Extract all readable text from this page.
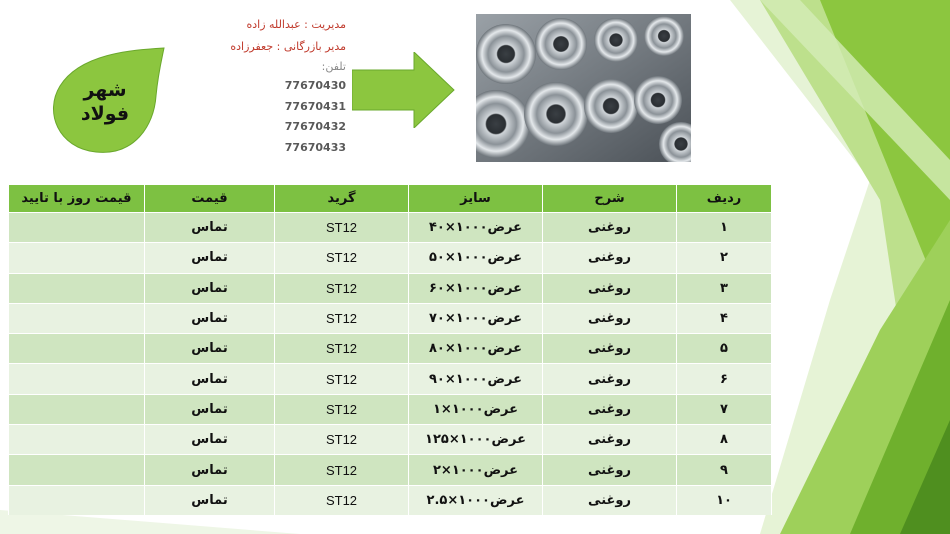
شهر
فولاد
مدیریت : عبدالله زاده
مدیر بازرگانی : جعفرزاده
تلفن:
77670430
77670431
77670432
77670433
ردیف	شرح	سایز	گرید	قیمت	قیمت روز با تایید
۱	روغنی	عرض۱۰۰۰×۴۰	ST12	تماس	
۲	روغنی	عرض۱۰۰۰×۵۰	ST12	تماس	
۳	روغنی	عرض۱۰۰۰×۶۰	ST12	تماس	
۴	روغنی	عرض۱۰۰۰×۷۰	ST12	تماس	
۵	روغنی	عرض۱۰۰۰×۸۰	ST12	تماس	
۶	روغنی	عرض۱۰۰۰×۹۰	ST12	تماس	
۷	روغنی	عرض۱۰۰۰×۱	ST12	تماس	
۸	روغنی	عرض۱۰۰۰×۱۲۵	ST12	تماس	
۹	روغنی	عرض۱۰۰۰×۲	ST12	تماس	
۱۰	روغنی	عرض۱۰۰۰×۲.۵	ST12	تماس	
